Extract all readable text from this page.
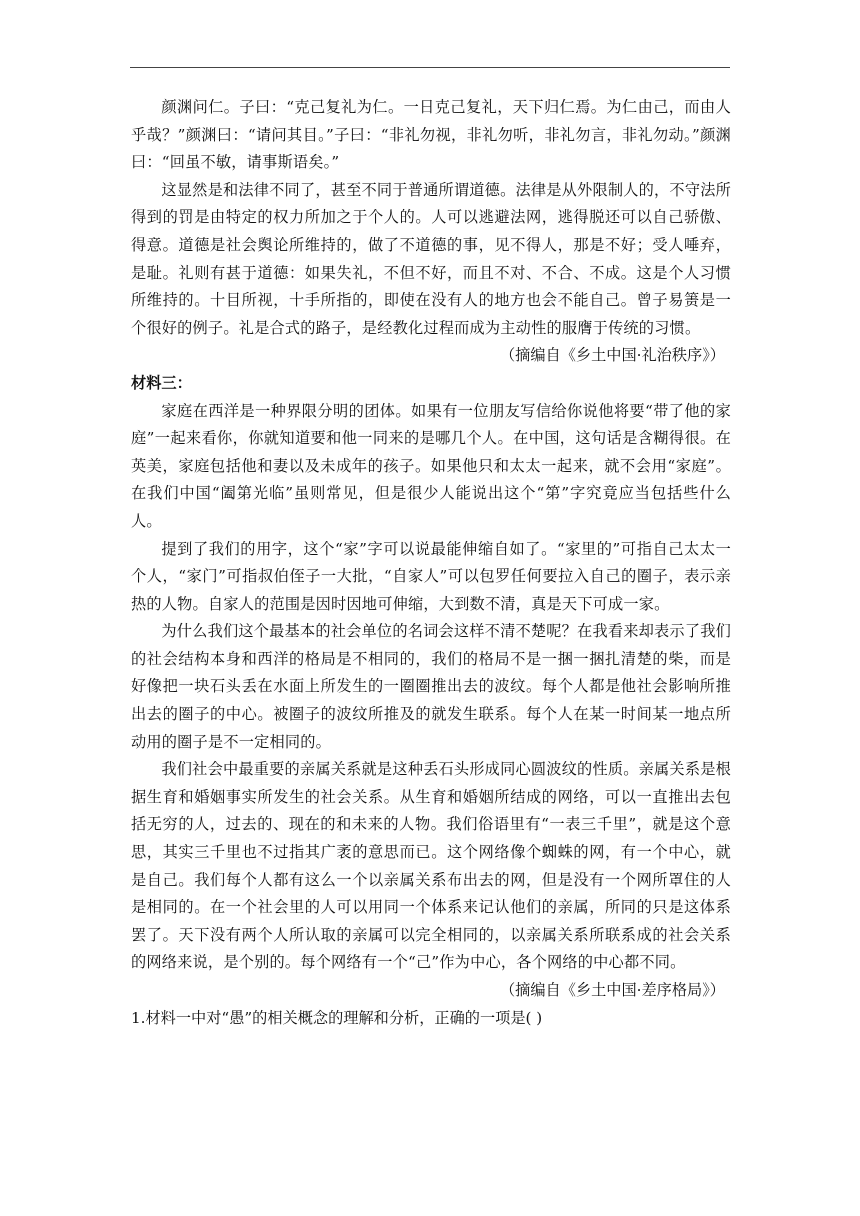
颜渊问仁。子曰：“克己复礼为仁。一日克己复礼，天下归仁焉。为仁由己，而由人乎哉？”颜渊曰：“请问其目。”子曰：“非礼勿视，非礼勿听，非礼勿言，非礼勿动。”颜渊曰：“回虽不敏，请事斯语矣。”

这显然是和法律不同了，甚至不同于普通所谓道德。法律是从外限制人的，不守法所得到的罚是由特定的权力所加之于个人的。人可以逃避法网，逃得脱还可以自己骄傲、得意。道德是社会舆论所维持的，做了不道德的事，见不得人，那是不好；受人唾弃，是耻。礼则有甚于道德：如果失礼，不但不好，而且不对、不合、不成。这是个人习惯所维持的。十目所视，十手所指的，即使在没有人的地方也会不能自己。曾子易箦是一个很好的例子。礼是合式的路子，是经教化过程而成为主动性的服膺于传统的习惯。

（摘编自《乡土中国·礼治秩序》）

材料三：

家庭在西洋是一种界限分明的团体。如果有一位朋友写信给你说他将要“带了他的家庭”一起来看你，你就知道要和他一同来的是哪几个人。在中国，这句话是含糊得很。在英美，家庭包括他和妻以及未成年的孩子。如果他只和太太一起来，就不会用“家庭”。在我们中国“阖第光临”虽则常见，但是很少人能说出这个“第”字究竟应当包括些什么人。

提到了我们的用字，这个“家”字可以说最能伸缩自如了。“家里的”可指自己太太一个人，“家门”可指叔伯侄子一大批，“自家人”可以包罗任何要拉入自己的圈子，表示亲热的人物。自家人的范围是因时因地可伸缩，大到数不清，真是天下可成一家。

为什么我们这个最基本的社会单位的名词会这样不清不楚呢？在我看来却表示了我们的社会结构本身和西洋的格局是不相同的，我们的格局不是一捆一捆扎清楚的柴，而是好像把一块石头丢在水面上所发生的一圈圈推出去的波纹。每个人都是他社会影响所推出去的圈子的中心。被圈子的波纹所推及的就发生联系。每个人在某一时间某一地点所动用的圈子是不一定相同的。

我们社会中最重要的亲属关系就是这种丢石头形成同心圆波纹的性质。亲属关系是根据生育和婚姻事实所发生的社会关系。从生育和婚姻所结成的网络，可以一直推出去包括无穷的人，过去的、现在的和未来的人物。我们俗语里有“一表三千里”，就是这个意思，其实三千里也不过指其广袤的意思而已。这个网络像个蜘蛛的网，有一个中心，就是自己。我们每个人都有这么一个以亲属关系布出去的网，但是没有一个网所罩住的人是相同的。在一个社会里的人可以用同一个体系来记认他们的亲属，所同的只是这体系罢了。天下没有两个人所认取的亲属可以完全相同的，以亲属关系所联系成的社会关系的网络来说，是个别的。每个网络有一个“己”作为中心，各个网络的中心都不同。

（摘编自《乡土中国·差序格局》）

1.材料一中对“愚”的相关概念的理解和分析，正确的一项是( )
